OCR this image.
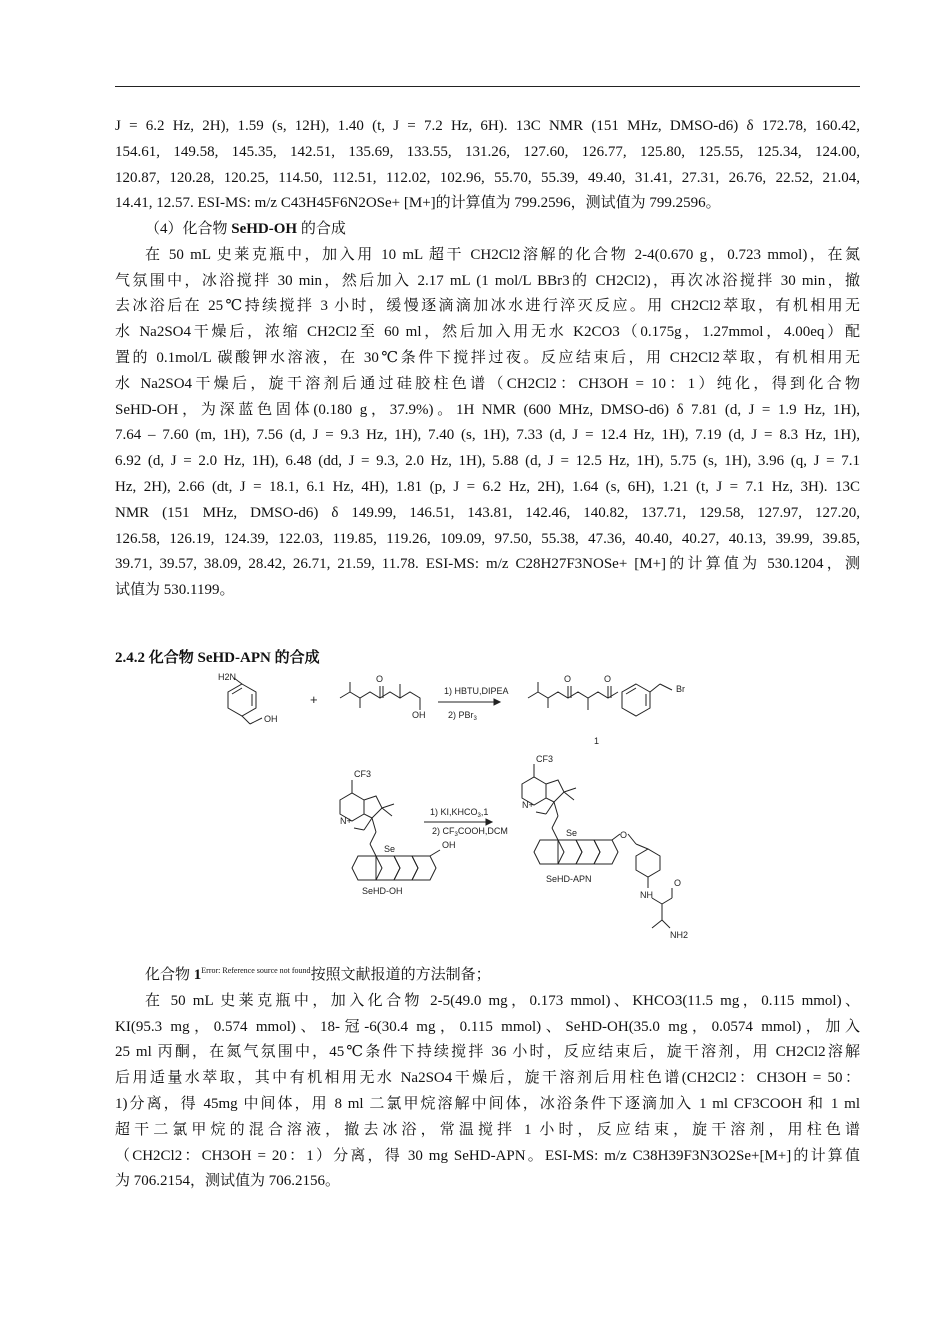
J = 6.2 Hz, 2H), 1.59 (s, 12H), 1.40 (t, J = 7.2 Hz, 6H). 13C NMR (151 MHz, DMSO-d6) δ 172.78, 160.42,
154.61, 149.58, 145.35, 142.51, 135.69, 133.55, 131.26, 127.60, 126.77, 125.80, 125.55, 125.34, 124.00,
120.87, 120.28, 120.25, 114.50, 112.51, 112.02, 102.96, 55.70, 55.39, 49.40, 31.41, 27.31, 26.76, 22.52, 21.04,
14.41, 12.57. ESI-MS: m/z C43H45F6N2OSe+ [M+]的计算值为 799.2596，测试值为 799.2596。
（4）化合物 SeHD-OH 的合成
在 50 mL 史莱克瓶中，加入用 10 mL 超干 CH2Cl2溶解的化合物 2-4(0.670 g，0.723 mmol)，在氮
气氛围中，冰浴搅拌 30 min，然后加入 2.17 mL (1 mol/L BBr3的 CH2Cl2)，再次冰浴搅拌 30 min，撤
去冰浴后在 25℃持续搅拌 3 小时，缓慢逐滴滴加冰水进行淬灭反应。用 CH2Cl2萃取，有机相用无
水 Na2SO4干燥后，浓缩 CH2Cl2至 60 ml，然后加入用无水 K2CO3（0.175g，1.27mmol，4.00eq）配
置的 0.1mol/L 碳酸钾水溶液，在 30℃条件下搅拌过夜。反应结束后，用 CH2Cl2萃取，有机相用无
水 Na2SO4干燥后，旋干溶剂后通过硅胶柱色谱（CH2Cl2：CH3OH = 10：1）纯化，得到化合物
SeHD-OH，为深蓝色固体(0.180 g，37.9%)。1H NMR (600 MHz, DMSO-d6) δ 7.81 (d, J = 1.9 Hz, 1H),
7.64 – 7.60 (m, 1H), 7.56 (d, J = 9.3 Hz, 1H), 7.40 (s, 1H), 7.33 (d, J = 12.4 Hz, 1H), 7.19 (d, J = 8.3 Hz, 1H),
6.92 (d, J = 2.0 Hz, 1H), 6.48 (dd, J = 9.3, 2.0 Hz, 1H), 5.88 (d, J = 12.5 Hz, 1H), 5.75 (s, 1H), 3.96 (q, J = 7.1
Hz, 2H), 2.66 (dt, J = 18.1, 6.1 Hz, 4H), 1.81 (p, J = 6.2 Hz, 2H), 1.64 (s, 6H), 1.21 (t, J = 7.1 Hz, 3H). 13C
NMR (151 MHz, DMSO-d6) δ 149.99, 146.51, 143.81, 142.46, 140.82, 137.71, 129.58, 127.97, 127.20,
126.58, 126.19, 124.39, 122.03, 119.85, 119.26, 109.09, 97.50, 55.38, 47.36, 40.40, 40.27, 40.13, 39.99, 39.85,
39.71, 39.57, 38.09, 28.42, 26.71, 21.59, 11.78. ESI-MS: m/z C28H27F3NOSe+ [M+]的计算值为 530.1204，测
试值为 530.1199。
2.4.2 化合物 SeHD-APN 的合成
H2N
OH
+
O
OH
1) HBTU,DIPEA
2) PBr$_3$
O	O
Br
1
CF3
N+
Se	OH
SeHD-OH
1) $KI,KHCO_3,1$
2) $CF_3COOH,DCM$
CF3
N+
Se	O
SeHD-APN
NH
O
NH2
化合物 $1^{Error: Reference source not found}$按照文献报道的方法制备；
在 50 mL 史莱克瓶中，加入化合物 2-5(49.0 mg，0.173 mmol)、KHCO3(11.5 mg，0.115 mmol)、
KI(95.3 mg，0.574 mmol)、18-冠-6(30.4 mg，0.115 mmol)、SeHD-OH(35.0 mg，0.0574 mmol)，加入
25 ml 丙酮，在氮气氛围中，45℃条件下持续搅拌 36 小时，反应结束后，旋干溶剂，用 CH2Cl2溶解
后用适量水萃取，其中有机相用无水 Na2SO4干燥后，旋干溶剂后用柱色谱(CH2Cl2：CH3OH = 50：
1)分离，得 45mg 中间体，用 8 ml 二氯甲烷溶解中间体，冰浴条件下逐滴加入 1 ml CF3COOH 和 1 ml
超干二氯甲烷的混合溶液，撤去冰浴，常温搅拌 1 小时，反应结束，旋干溶剂，用柱色谱
（CH2Cl2：CH3OH = 20：1）分离，得 30 mg SeHD-APN。ESI-MS: m/z C38H39F3N3O2Se+[M+]的计算值
为 706.2154，测试值为 706.2156。
